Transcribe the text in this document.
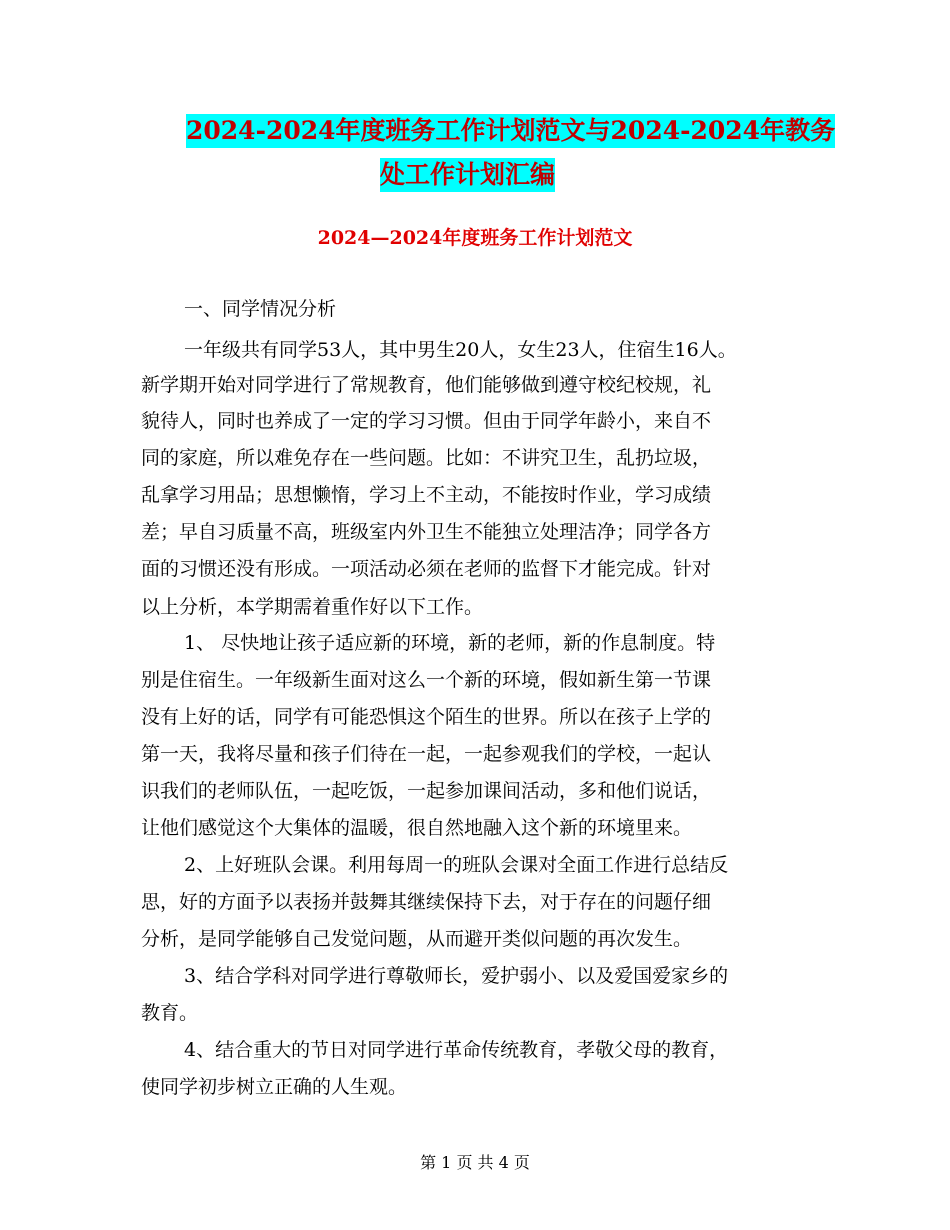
2024-2024年度班务工作计划范文与2024-2024年教务
处工作计划汇编
2024—2024年度班务工作计划范文
一、同学情况分析
一年级共有同学53人，其中男生20人，女生23人，住宿生16人。
新学期开始对同学进行了常规教育，他们能够做到遵守校纪校规，礼
貌待人，同时也养成了一定的学习习惯。但由于同学年龄小，来自不
同的家庭，所以难免存在一些问题。比如：不讲究卫生，乱扔垃圾，
乱拿学习用品；思想懒惰，学习上不主动，不能按时作业，学习成绩
差；早自习质量不高，班级室内外卫生不能独立处理洁净；同学各方
面的习惯还没有形成。一项活动必须在老师的监督下才能完成。针对
以上分析，本学期需着重作好以下工作。
1、 尽快地让孩子适应新的环境，新的老师，新的作息制度。特
别是住宿生。一年级新生面对这么一个新的环境，假如新生第一节课
没有上好的话，同学有可能恐惧这个陌生的世界。所以在孩子上学的
第一天，我将尽量和孩子们待在一起，一起参观我们的学校，一起认
识我们的老师队伍，一起吃饭，一起参加课间活动，多和他们说话，
让他们感觉这个大集体的温暖，很自然地融入这个新的环境里来。
2、上好班队会课。利用每周一的班队会课对全面工作进行总结反
思，好的方面予以表扬并鼓舞其继续保持下去，对于存在的问题仔细
分析，是同学能够自己发觉问题，从而避开类似问题的再次发生。
3、结合学科对同学进行尊敬师长，爱护弱小、以及爱国爱家乡的
教育。
4、结合重大的节日对同学进行革命传统教育，孝敬父母的教育，
使同学初步树立正确的人生观。
第 1 页 共 4 页
